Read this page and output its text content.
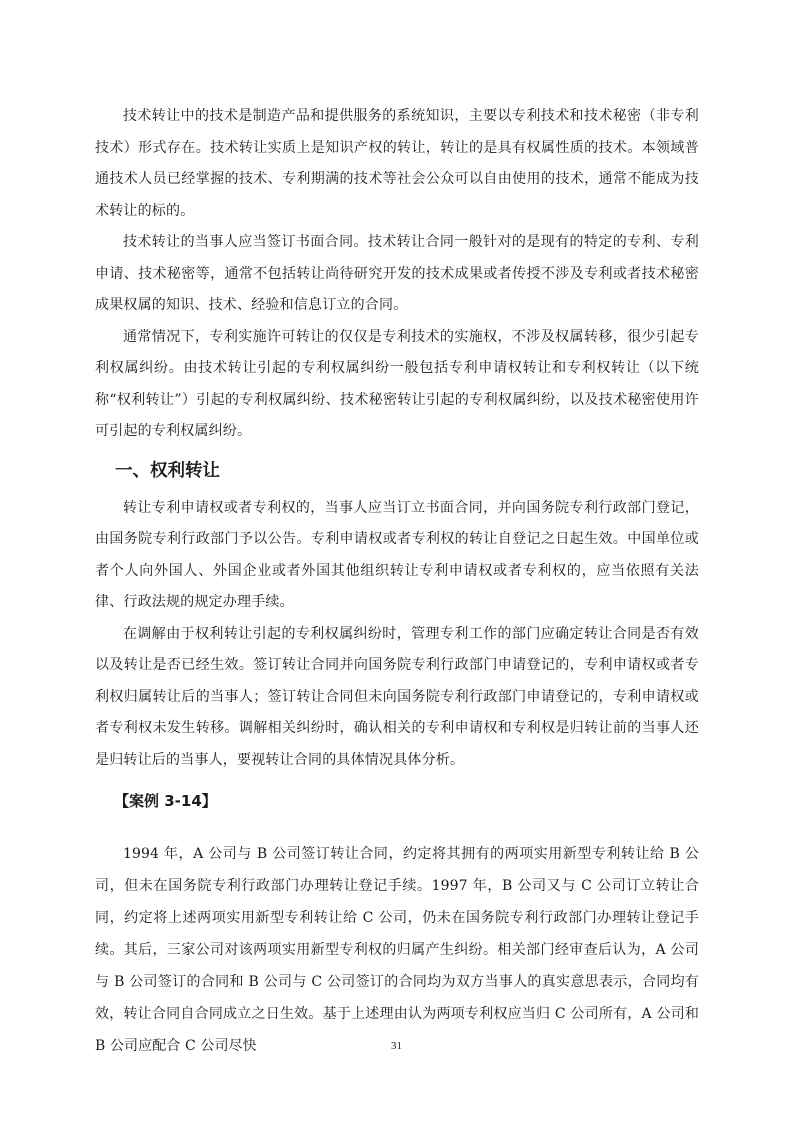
技术转让中的技术是制造产品和提供服务的系统知识，主要以专利技术和技术秘密（非专利技术）形式存在。技术转让实质上是知识产权的转让，转让的是具有权属性质的技术。本领域普通技术人员已经掌握的技术、专利期满的技术等社会公众可以自由使用的技术，通常不能成为技术转让的标的。

技术转让的当事人应当签订书面合同。技术转让合同一般针对的是现有的特定的专利、专利申请、技术秘密等，通常不包括转让尚待研究开发的技术成果或者传授不涉及专利或者技术秘密成果权属的知识、技术、经验和信息订立的合同。

通常情况下，专利实施许可转让的仅仅是专利技术的实施权，不涉及权属转移，很少引起专利权属纠纷。由技术转让引起的专利权属纠纷一般包括专利申请权转让和专利权转让（以下统称“权利转让”）引起的专利权属纠纷、技术秘密转让引起的专利权属纠纷，以及技术秘密使用许可引起的专利权属纠纷。

一、权利转让

转让专利申请权或者专利权的，当事人应当订立书面合同，并向国务院专利行政部门登记，由国务院专利行政部门予以公告。专利申请权或者专利权的转让自登记之日起生效。中国单位或者个人向外国人、外国企业或者外国其他组织转让专利申请权或者专利权的，应当依照有关法律、行政法规的规定办理手续。

在调解由于权利转让引起的专利权属纠纷时，管理专利工作的部门应确定转让合同是否有效以及转让是否已经生效。签订转让合同并向国务院专利行政部门申请登记的，专利申请权或者专利权归属转让后的当事人；签订转让合同但未向国务院专利行政部门申请登记的，专利申请权或者专利权未发生转移。调解相关纠纷时，确认相关的专利申请权和专利权是归转让前的当事人还是归转让后的当事人，要视转让合同的具体情况具体分析。

【案例 3-14】

1994 年，A 公司与 B 公司签订转让合同，约定将其拥有的两项实用新型专利转让给 B 公司，但未在国务院专利行政部门办理转让登记手续。1997 年，B 公司又与 C 公司订立转让合同，约定将上述两项实用新型专利转让给 C 公司，仍未在国务院专利行政部门办理转让登记手续。其后，三家公司对该两项实用新型专利权的归属产生纠纷。相关部门经审查后认为，A 公司与 B 公司签订的合同和 B 公司与 C 公司签订的合同均为双方当事人的真实意思表示，合同均有效，转让合同自合同成立之日生效。基于上述理由认为两项专利权应当归 C 公司所有，A 公司和 B 公司应配合 C 公司尽快	31
